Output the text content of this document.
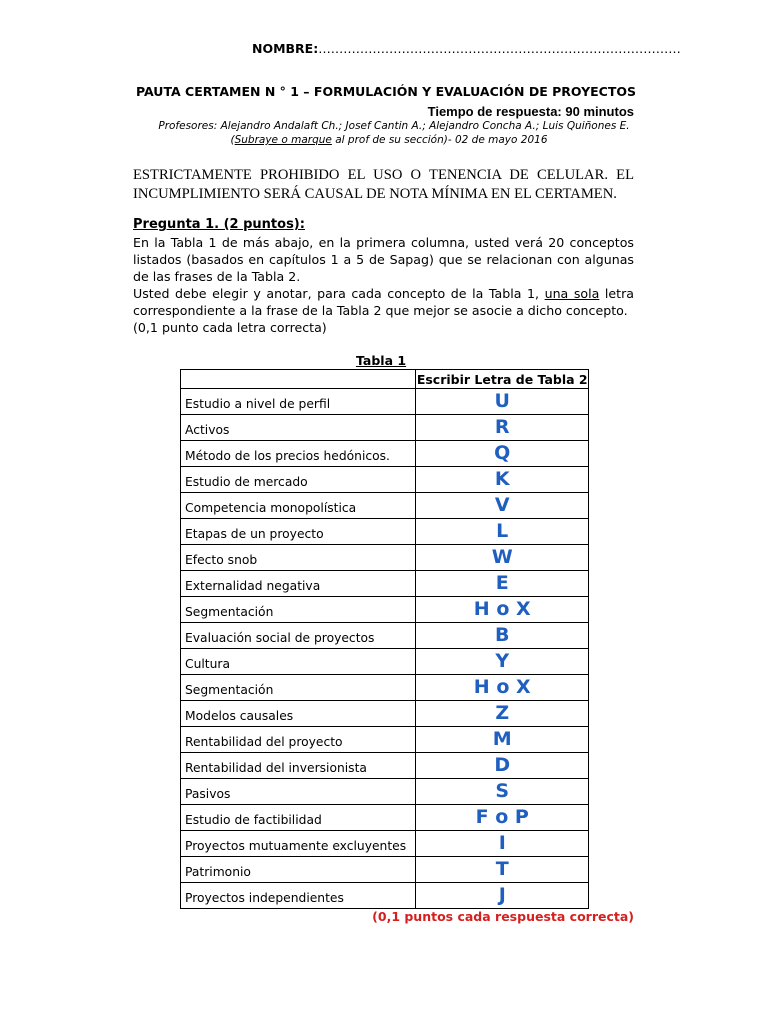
NOMBRE:……………………………………………………………………………
PAUTA CERTAMEN N ° 1 – FORMULACIÓN Y EVALUACIÓN DE PROYECTOS
Tiempo de respuesta: 90 minutos
Profesores: Alejandro Andalaft Ch.; Josef Cantin A.; Alejandro Concha A.; Luis Quiñones E.
(Subraye o marque al prof de su sección)- 02 de mayo 2016
ESTRICTAMENTE PROHIBIDO EL USO O TENENCIA DE CELULAR. EL
INCUMPLIMIENTO SERÁ CAUSAL DE NOTA MÍNIMA EN EL CERTAMEN.
Pregunta 1. (2 puntos):
En la Tabla 1 de más abajo, en la primera columna, usted verá 20 conceptos listados (basados en capítulos 1 a 5 de Sapag) que se relacionan con algunas de las frases de la Tabla 2.
Usted debe elegir y anotar, para cada concepto de la Tabla 1, una sola letra correspondiente a la frase de la Tabla 2 que mejor se asocie a dicho concepto.
(0,1 punto cada letra correcta)
Tabla 1
	Escribir Letra de Tabla 2
Estudio a nivel de perfil	U
Activos	R
Método de los precios hedónicos.	Q
Estudio de mercado	K
Competencia monopolística	V
Etapas de un proyecto	L
Efecto snob	W
Externalidad negativa	E
Segmentación	H o X
Evaluación social de proyectos	B
Cultura	Y
Segmentación	H o X
Modelos causales	Z
Rentabilidad del proyecto	M
Rentabilidad del inversionista	D
Pasivos	S
Estudio de factibilidad	F o P
Proyectos mutuamente excluyentes	I
Patrimonio	T
Proyectos independientes	J
(0,1 puntos cada respuesta correcta)
